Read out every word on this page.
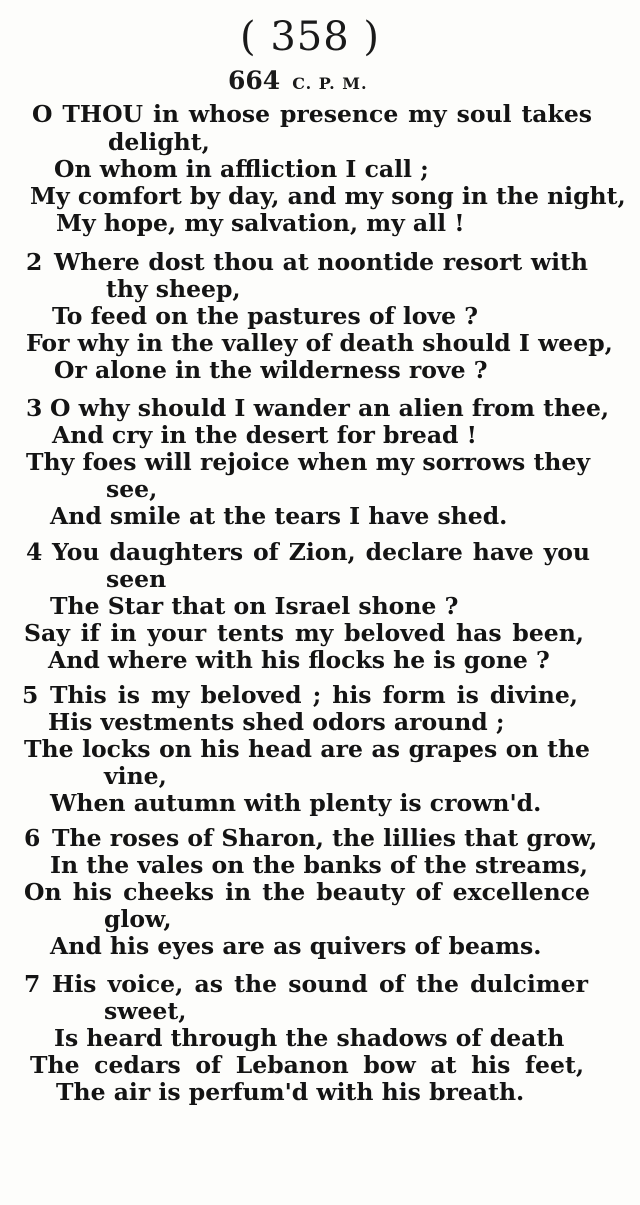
( 358 )
664 C. P. M.
O THOU in whose presence my soul takes
delight,
On whom in affliction I call ;
My comfort by day, and my song in the night,
My hope, my salvation, my all !
2 Where dost thou at noontide resort with
thy sheep,
To feed on the pastures of love ?
For why in the valley of death should I weep,
Or alone in the wilderness rove ?
3 O why should I wander an alien from thee,
And cry in the desert for bread !
Thy foes will rejoice when my sorrows they
see,
And smile at the tears I have shed.
4 You daughters of Zion, declare have you
seen
The Star that on Israel shone ?
Say if in your tents my beloved has been,
And where with his flocks he is gone ?
5 This is my beloved ; his form is divine,
His vestments shed odors around ;
The locks on his head are as grapes on the
vine,
When autumn with plenty is crown'd.
6 The roses of Sharon, the lillies that grow,
In the vales on the banks of the streams,
On his cheeks in the beauty of excellence
glow,
And his eyes are as quivers of beams.
7 His voice, as the sound of the dulcimer
sweet,
Is heard through the shadows of death
The cedars of Lebanon bow at his feet,
The air is perfum'd with his breath.
